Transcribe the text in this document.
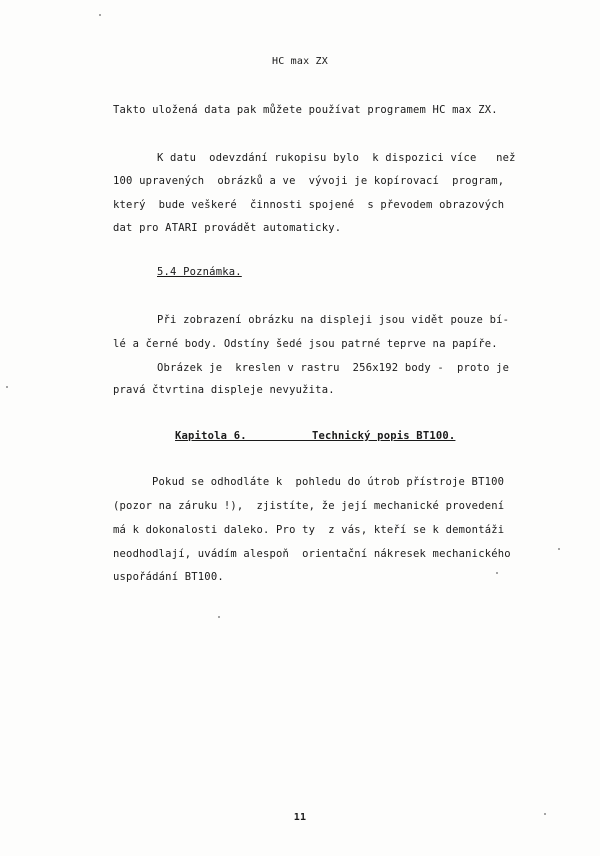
HC max ZX
Takto uložená data pak můžete používat programem HC max ZX.
K datu  odevzdání rukopisu bylo  k dispozici více   než
100 upravených  obrázků a ve  vývoji je kopírovací  program,
který  bude veškeré  činnosti spojené  s převodem obrazových
dat pro ATARI provádět automaticky.
5.4 Poznámka.
Při zobrazení obrázku na displeji jsou vidět pouze bí-
lé a černé body. Odstíny šedé jsou patrné teprve na papíře.
Obrázek je  kreslen v rastru  256x192 body -  proto je
pravá čtvrtina displeje nevyužita.
Kapitola 6.          Technický popis BT100.
Pokud se odhodláte k  pohledu do útrob přístroje BT100
(pozor na záruku !),  zjistíte, že její mechanické provedení
má k dokonalosti daleko. Pro ty  z vás, kteří se k demontáži
neodhodlají, uvádím alespoň  orientační nákresek mechanického
uspořádání BT100.
11
